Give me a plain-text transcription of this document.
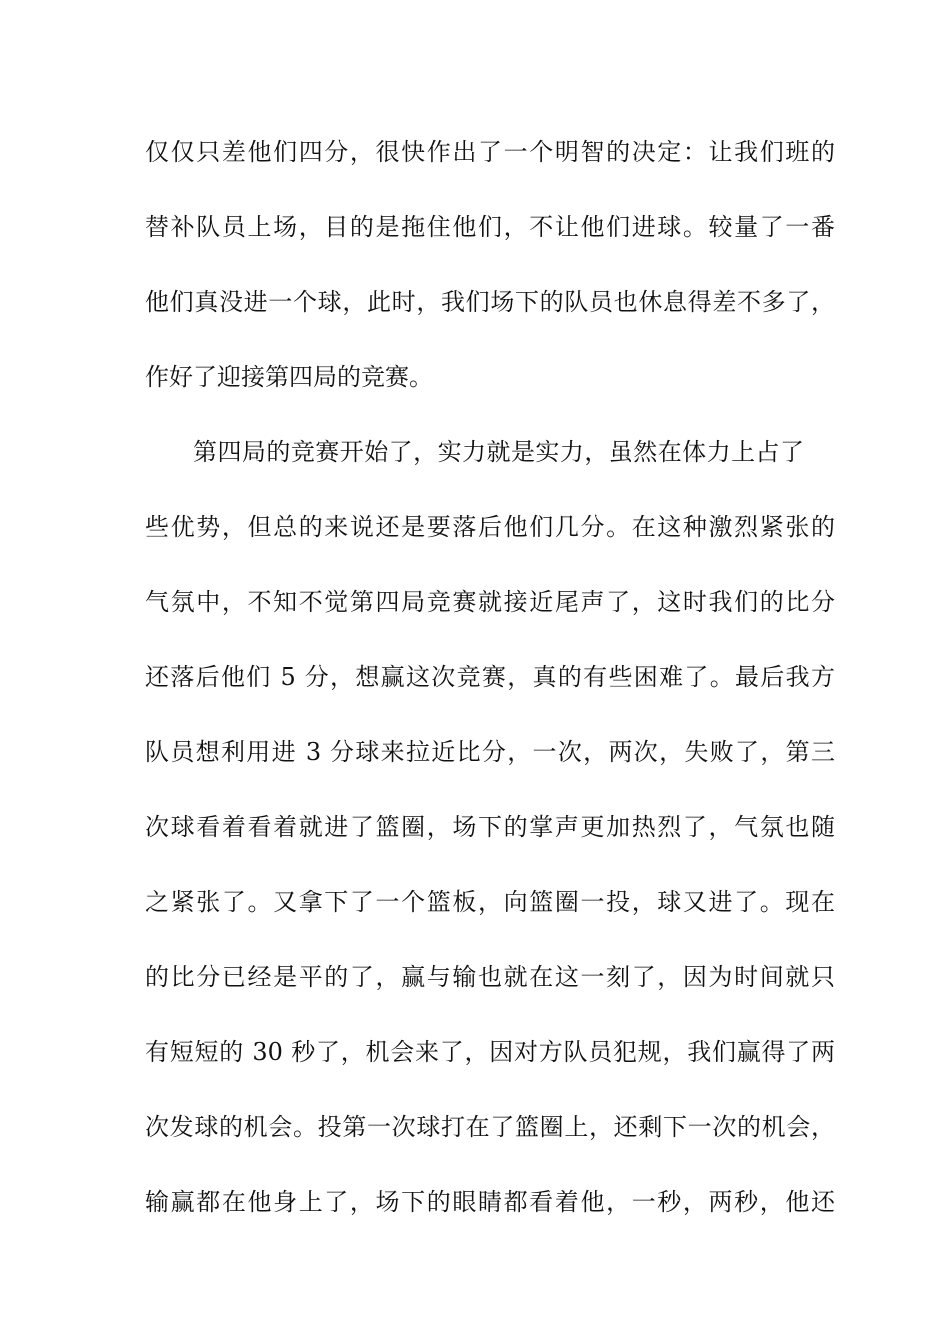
仅仅只差他们四分，很快作出了一个明智的决定：让我们班的
替补队员上场，目的是拖住他们，不让他们进球。较量了一番
他们真没进一个球，此时，我们场下的队员也休息得差不多了，
作好了迎接第四局的竞赛。
第四局的竞赛开始了，实力就是实力，虽然在体力上占了
些优势，但总的来说还是要落后他们几分。在这种激烈紧张的
气氛中，不知不觉第四局竞赛就接近尾声了，这时我们的比分
还落后他们 5 分，想赢这次竞赛，真的有些困难了。最后我方
队员想利用进 3 分球来拉近比分，一次，两次，失败了，第三
次球看着看着就进了篮圈，场下的掌声更加热烈了，气氛也随
之紧张了。又拿下了一个篮板，向篮圈一投，球又进了。现在
的比分已经是平的了，赢与输也就在这一刻了，因为时间就只
有短短的 30 秒了，机会来了，因对方队员犯规，我们赢得了两
次发球的机会。投第一次球打在了篮圈上，还剩下一次的机会，
输赢都在他身上了，场下的眼睛都看着他，一秒，两秒，他还
